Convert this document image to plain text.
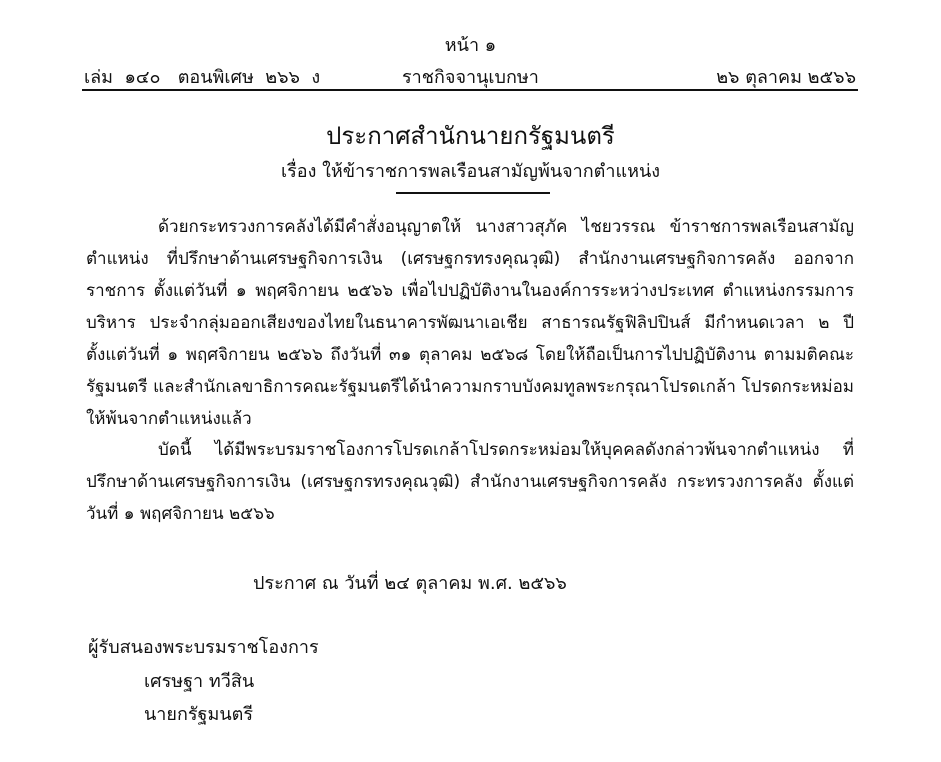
หน้า ๑
เล่ม  ๑๔๐   ตอนพิเศษ  ๒๖๖  ง	ราชกิจจานุเบกษา	๒๖ ตุลาคม ๒๕๖๖
ประกาศสำนักนายกรัฐมนตรี
เรื่อง ให้ข้าราชการพลเรือนสามัญพ้นจากตำแหน่ง
ด้วยกระทรวงการคลังได้มีคำสั่งอนุญาตให้ นางสาวสุภัค ไชยวรรณ ข้าราชการพลเรือนสามัญ ตำแหน่ง ที่ปรึกษาด้านเศรษฐกิจการเงิน (เศรษฐกรทรงคุณวุฒิ) สำนักงานเศรษฐกิจการคลัง ออกจากราชการ ตั้งแต่วันที่ ๑ พฤศจิกายน ๒๕๖๖ เพื่อไปปฏิบัติงานในองค์การระหว่างประเทศ ตำแหน่งกรรมการบริหาร ประจำกลุ่มออกเสียงของไทยในธนาคารพัฒนาเอเชีย สาธารณรัฐฟิลิปปินส์ มีกำหนดเวลา ๒ ปี ตั้งแต่วันที่ ๑ พฤศจิกายน ๒๕๖๖ ถึงวันที่ ๓๑ ตุลาคม ๒๕๖๘ โดยให้ถือเป็นการไปปฏิบัติงาน ตามมติคณะรัฐมนตรี และสำนักเลขาธิการคณะรัฐมนตรีได้นำความกราบบังคมทูลพระกรุณาโปรดเกล้า โปรดกระหม่อมให้พ้นจากตำแหน่งแล้ว
บัดนี้ ได้มีพระบรมราชโองการโปรดเกล้าโปรดกระหม่อมให้บุคคลดังกล่าวพ้นจากตำแหน่ง ที่ปรึกษาด้านเศรษฐกิจการเงิน (เศรษฐกรทรงคุณวุฒิ) สำนักงานเศรษฐกิจการคลัง กระทรวงการคลัง ตั้งแต่วันที่ ๑ พฤศจิกายน ๒๕๖๖
ประกาศ ณ วันที่ ๒๔ ตุลาคม พ.ศ. ๒๕๖๖
ผู้รับสนองพระบรมราชโองการ
เศรษฐา ทวีสิน
นายกรัฐมนตรี
